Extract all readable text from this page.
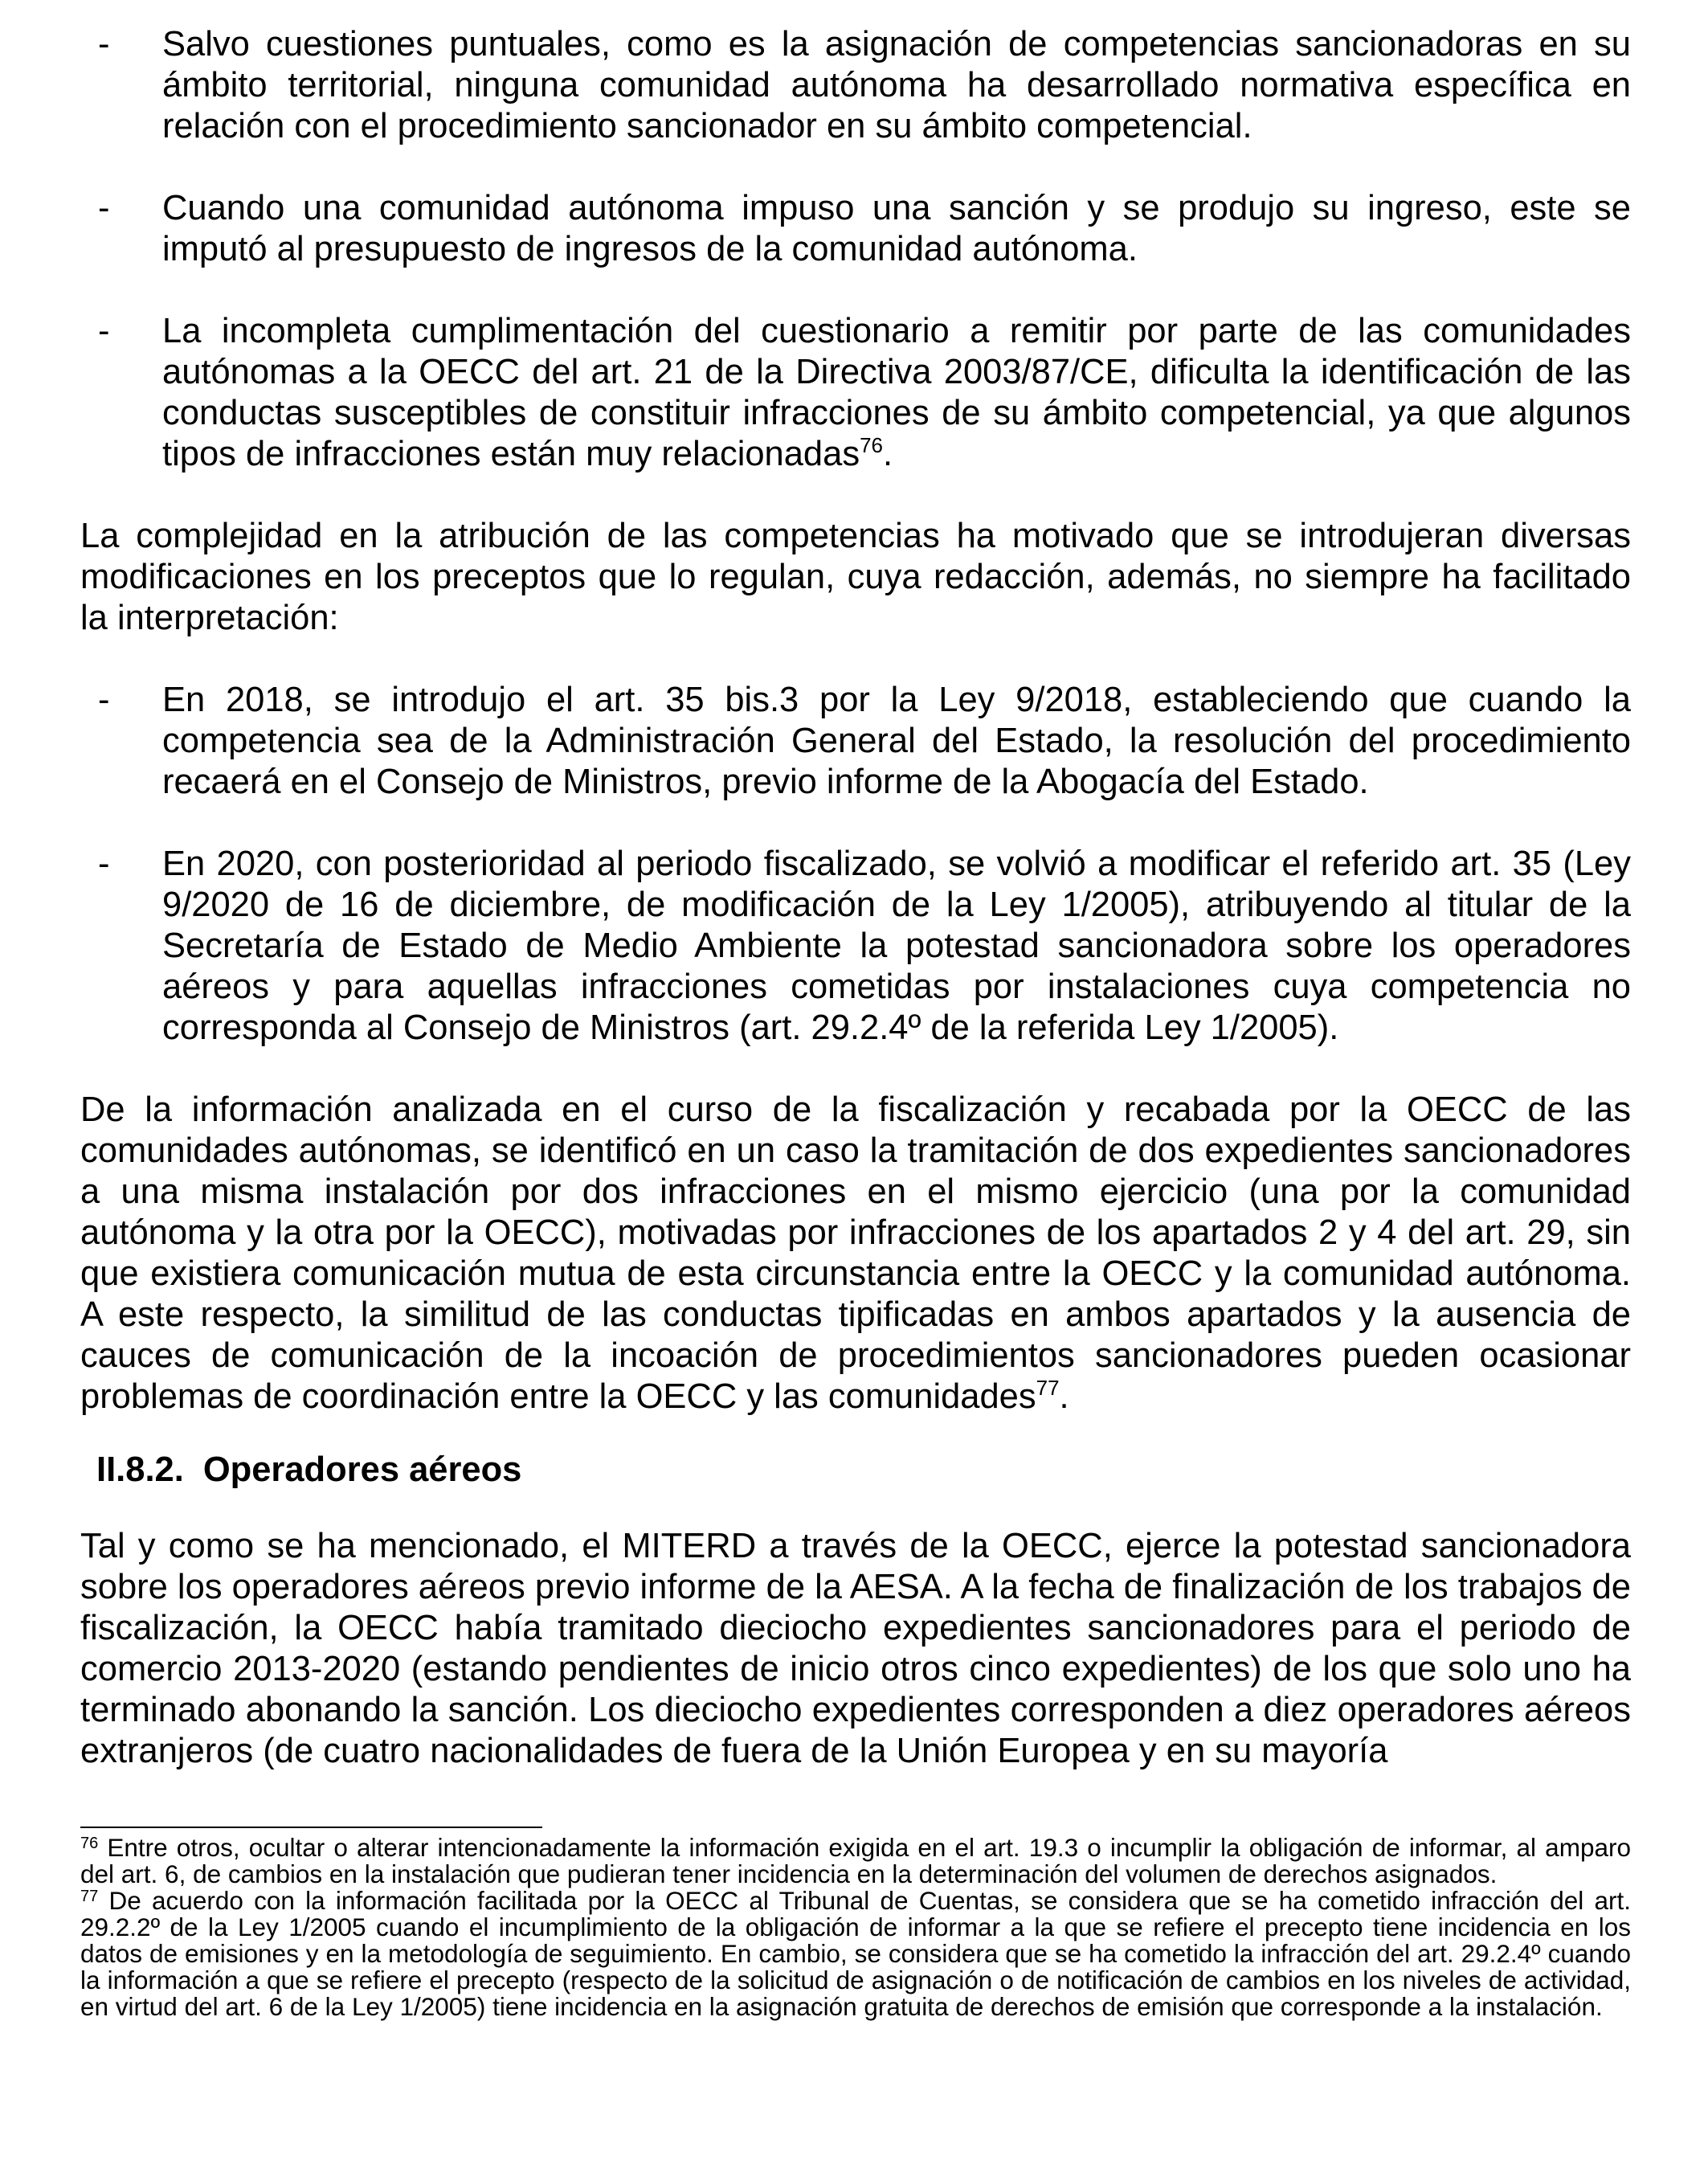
- Salvo cuestiones puntuales, como es la asignación de competencias sancionadoras en su ámbito territorial, ninguna comunidad autónoma ha desarrollado normativa específica en relación con el procedimiento sancionador en su ámbito competencial.
- Cuando una comunidad autónoma impuso una sanción y se produjo su ingreso, este se imputó al presupuesto de ingresos de la comunidad autónoma.
- La incompleta cumplimentación del cuestionario a remitir por parte de las comunidades autónomas a la OECC del art. 21 de la Directiva 2003/87/CE, dificulta la identificación de las conductas susceptibles de constituir infracciones de su ámbito competencial, ya que algunos tipos de infracciones están muy relacionadas$^{76}$.

La complejidad en la atribución de las competencias ha motivado que se introdujeran diversas modificaciones en los preceptos que lo regulan, cuya redacción, además, no siempre ha facilitado la interpretación:

- En 2018, se introdujo el art. 35 bis.3 por la Ley 9/2018, estableciendo que cuando la competencia sea de la Administración General del Estado, la resolución del procedimiento recaerá en el Consejo de Ministros, previo informe de la Abogacía del Estado.
- En 2020, con posterioridad al periodo fiscalizado, se volvió a modificar el referido art. 35 (Ley 9/2020 de 16 de diciembre, de modificación de la Ley 1/2005), atribuyendo al titular de la Secretaría de Estado de Medio Ambiente la potestad sancionadora sobre los operadores aéreos y para aquellas infracciones cometidas por instalaciones cuya competencia no corresponda al Consejo de Ministros (art. 29.2.4º de la referida Ley 1/2005).

De la información analizada en el curso de la fiscalización y recabada por la OECC de las comunidades autónomas, se identificó en un caso la tramitación de dos expedientes sancionadores a una misma instalación por dos infracciones en el mismo ejercicio (una por la comunidad autónoma y la otra por la OECC), motivadas por infracciones de los apartados 2 y 4 del art. 29, sin que existiera comunicación mutua de esta circunstancia entre la OECC y la comunidad autónoma. A este respecto, la similitud de las conductas tipificadas en ambos apartados y la ausencia de cauces de comunicación de la incoación de procedimientos sancionadores pueden ocasionar problemas de coordinación entre la OECC y las comunidades$^{77}$.

II.8.2. Operadores aéreos

Tal y como se ha mencionado, el MITERD a través de la OECC, ejerce la potestad sancionadora sobre los operadores aéreos previo informe de la AESA. A la fecha de finalización de los trabajos de fiscalización, la OECC había tramitado dieciocho expedientes sancionadores para el periodo de comercio 2013-2020 (estando pendientes de inicio otros cinco expedientes) de los que solo uno ha terminado abonando la sanción. Los dieciocho expedientes corresponden a diez operadores aéreos extranjeros (de cuatro nacionalidades de fuera de la Unión Europea y en su mayoría

$^{76}$ Entre otros, ocultar o alterar intencionadamente la información exigida en el art. 19.3 o incumplir la obligación de informar, al amparo del art. 6, de cambios en la instalación que pudieran tener incidencia en la determinación del volumen de derechos asignados.

$^{77}$ De acuerdo con la información facilitada por la OECC al Tribunal de Cuentas, se considera que se ha cometido infracción del art. 29.2.2º de la Ley 1/2005 cuando el incumplimiento de la obligación de informar a la que se refiere el precepto tiene incidencia en los datos de emisiones y en la metodología de seguimiento. En cambio, se considera que se ha cometido la infracción del art. 29.2.4º cuando la información a que se refiere el precepto (respecto de la solicitud de asignación o de notificación de cambios en los niveles de actividad, en virtud del art. 6 de la Ley 1/2005) tiene incidencia en la asignación gratuita de derechos de emisión que corresponde a la instalación.
